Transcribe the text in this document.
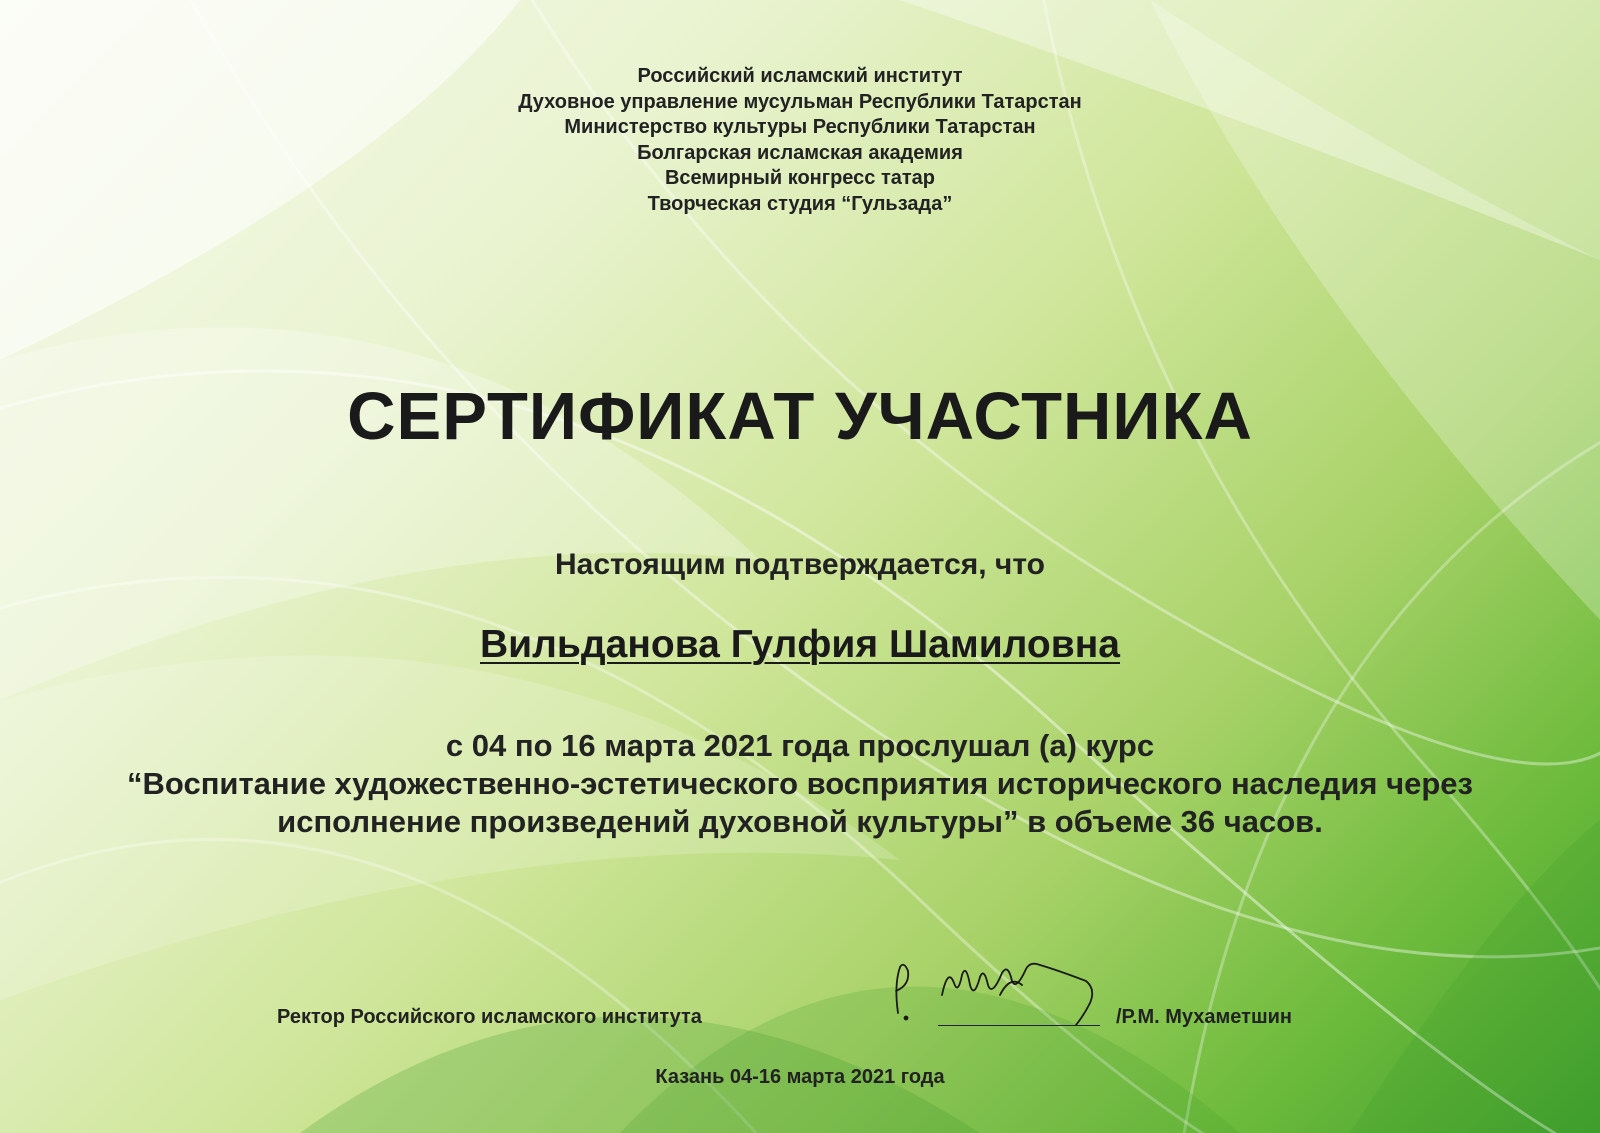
Российский исламский институт
Духовное управление мусульман Республики Татарстан
Министерство культуры Республики Татарстан
Болгарская исламская академия
Всемирный конгресс татар
Творческая студия “Гульзада”
СЕРТИФИКАТ УЧАСТНИКА
Настоящим подтверждается, что
Вильданова Гулфия Шамиловна
с 04 по 16 марта 2021 года прослушал (а) курс
“Воспитание художественно-эстетического восприятия исторического наследия через
исполнение произведений духовной культуры” в объеме 36 часов.
Ректор Российского исламского института	/Р.М. Мухаметшин
Казань 04-16 марта 2021 года
